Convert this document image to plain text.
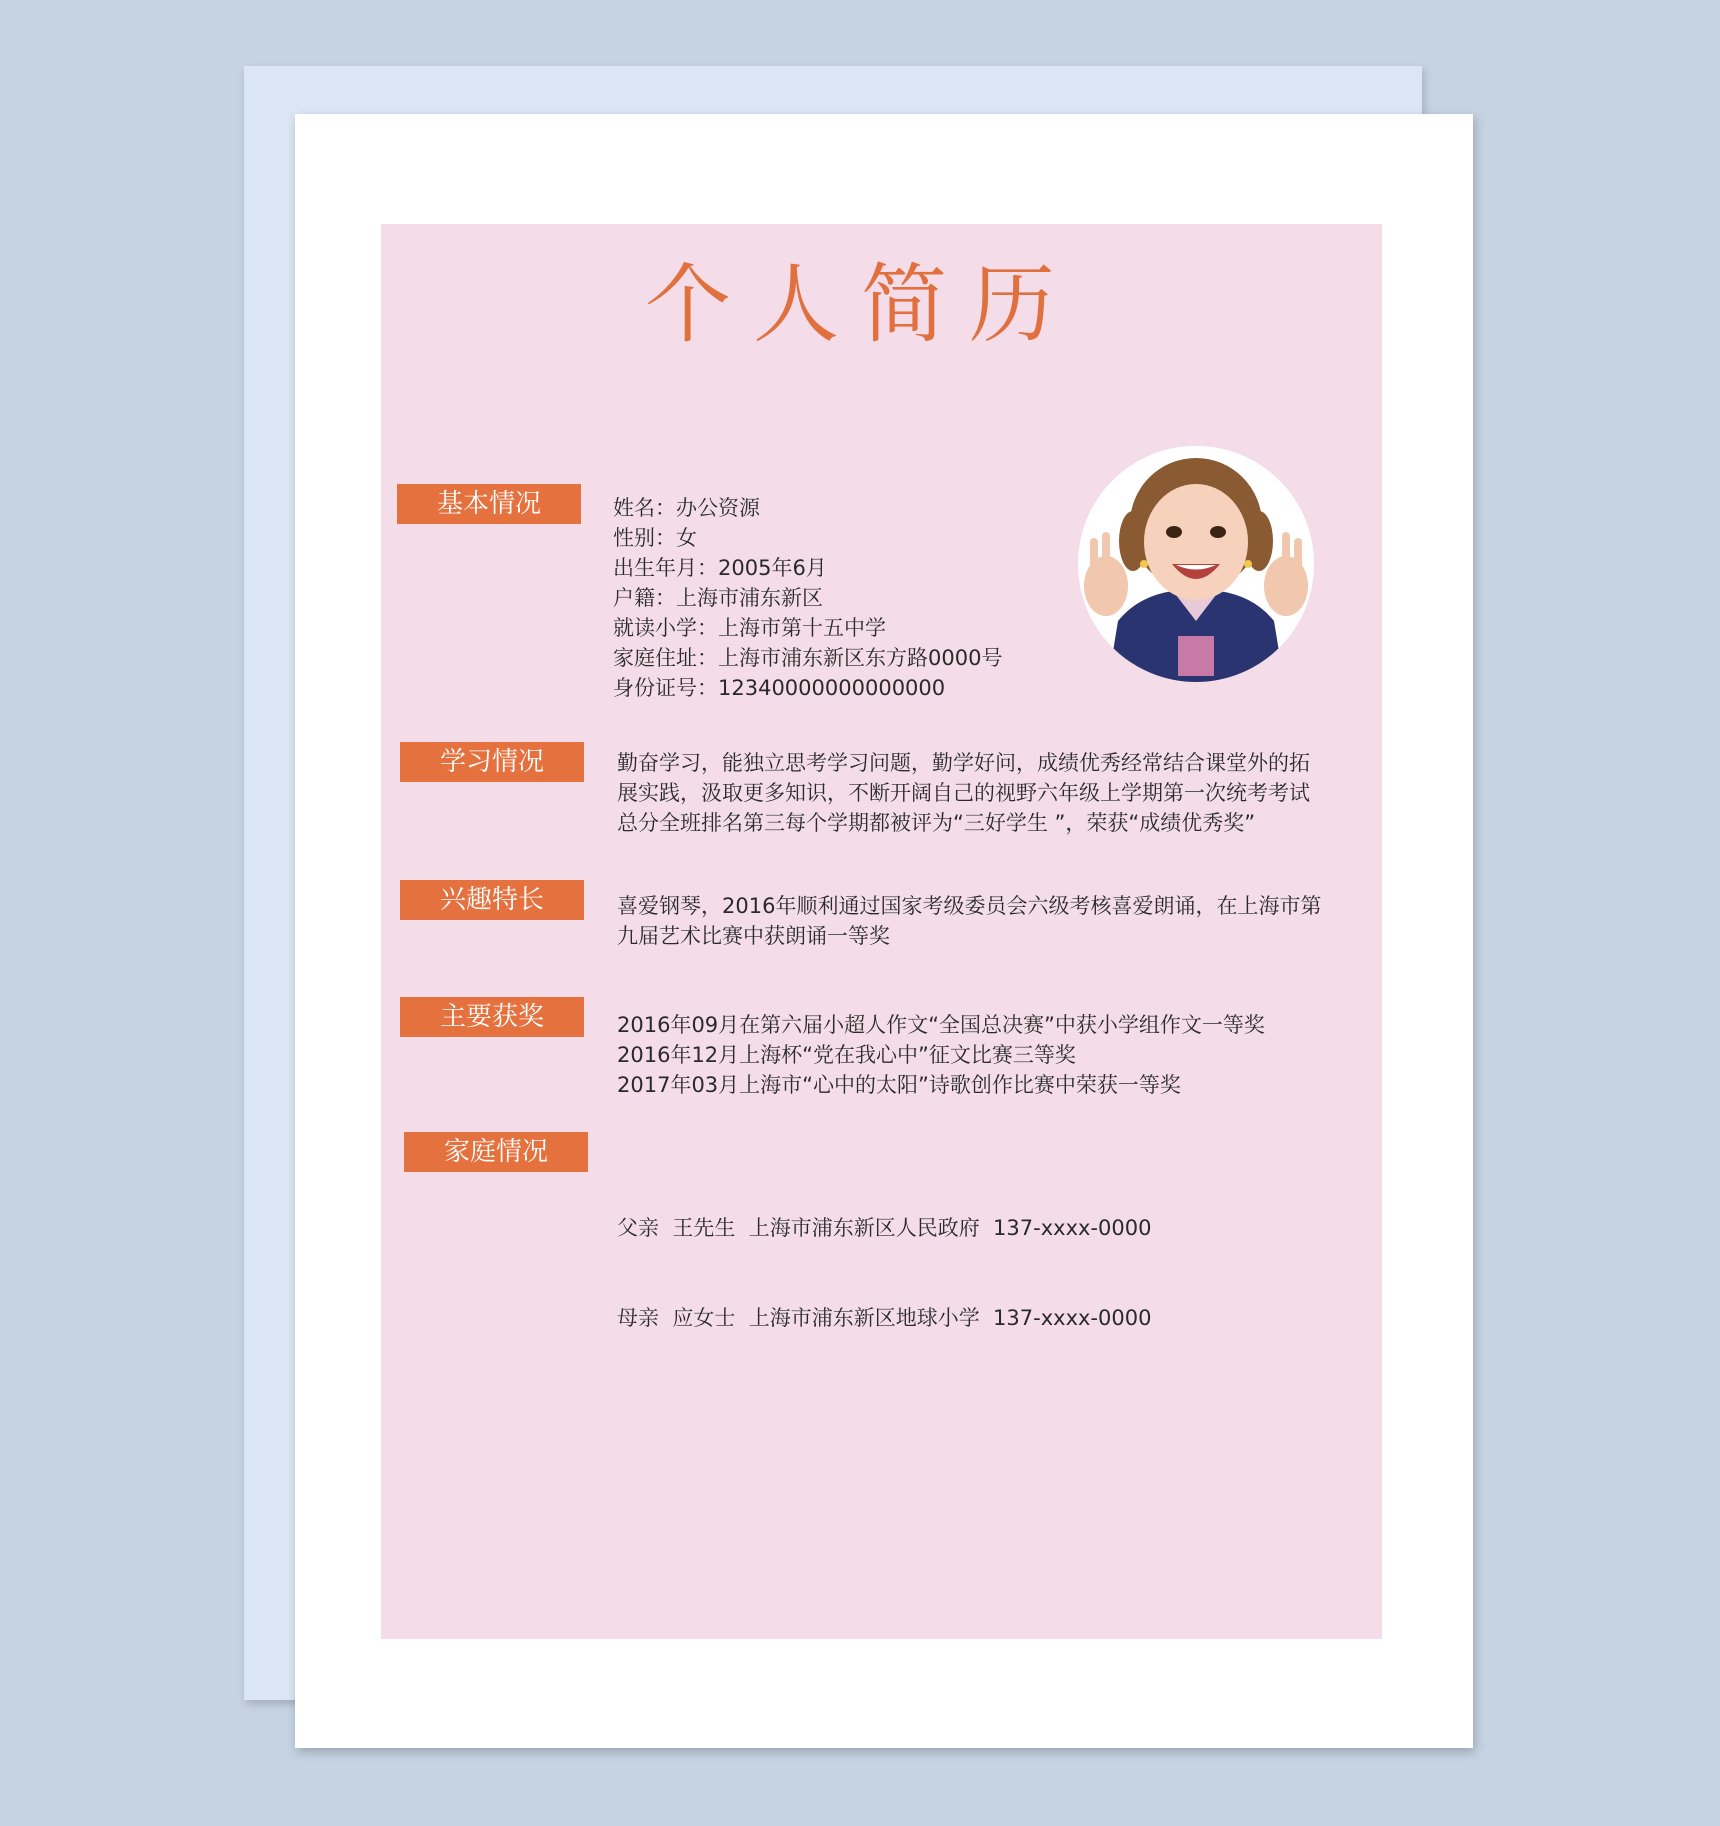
个人简历
基本情况	姓名：办公资源
性别：女
出生年月：2005年6月
户籍：上海市浦东新区
就读小学：上海市第十五中学
家庭住址：上海市浦东新区东方路0000号
身份证号：12340000000000000
学习情况	勤奋学习，能独立思考学习问题，勤学好问，成绩优秀经常结合课堂外的拓
展实践，汲取更多知识，不断开阔自己的视野六年级上学期第一次统考考试
总分全班排名第三每个学期都被评为“三好学生 ”，荣获“成绩优秀奖”
兴趣特长	喜爱钢琴，2016年顺利通过国家考级委员会六级考核喜爱朗诵，在上海市第
九届艺术比赛中获朗诵一等奖
主要获奖	2016年09月在第六届小超人作文“全国总决赛”中获小学组作文一等奖
2016年12月上海杯“党在我心中”征文比赛三等奖
2017年03月上海市“心中的太阳”诗歌创作比赛中荣获一等奖
家庭情况

父亲  王先生  上海市浦东新区人民政府  137-xxxx-0000

母亲  应女士  上海市浦东新区地球小学  137-xxxx-0000
